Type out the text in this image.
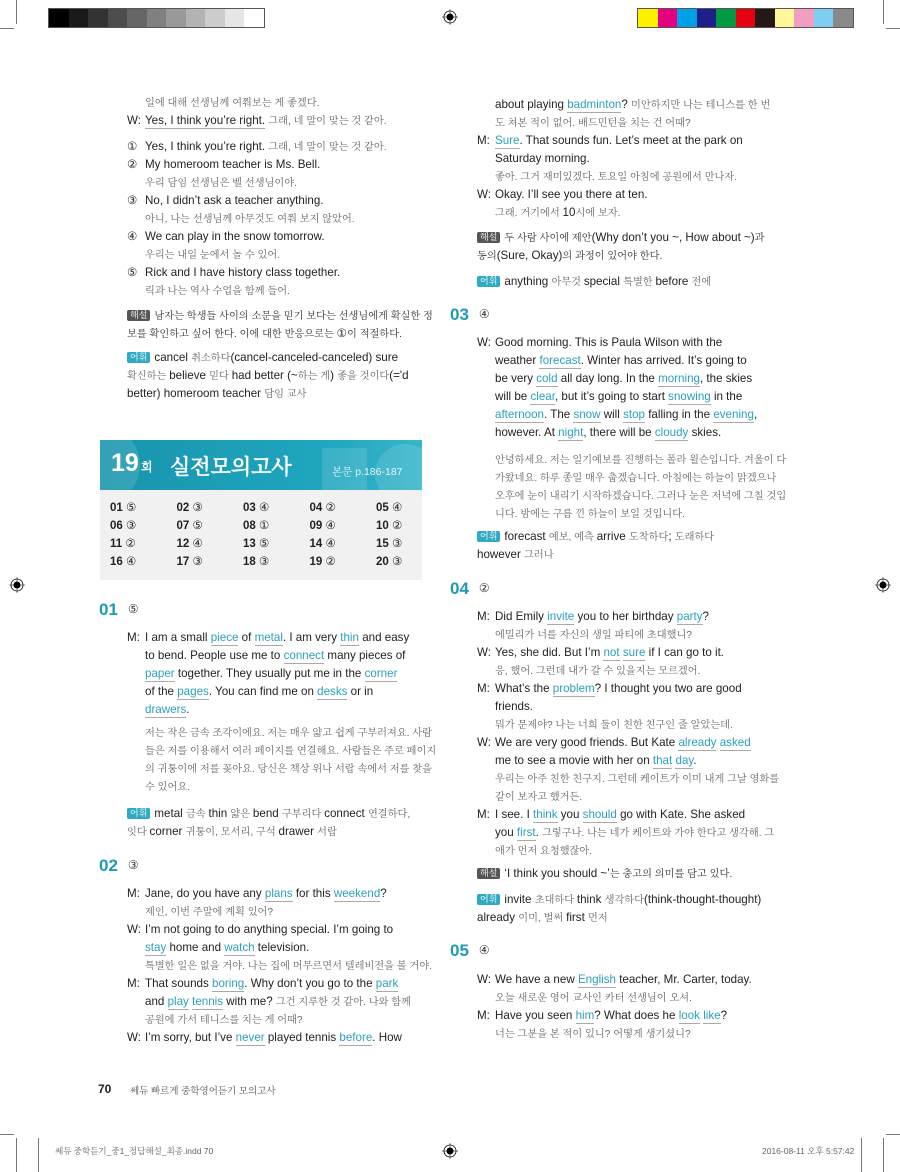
일에 대해 선생님께 여쭤보는 게 좋겠다.
W: Yes, I think you’re right. 그래, 네 말이 맞는 것 같아.
① Yes, I think you’re right. 그래, 네 말이 맞는 것 같아.
② My homeroom teacher is Ms. Bell.
우리 담임 선생님은 벨 선생님이야.
③ No, I didn’t ask a teacher anything.
아니, 나는 선생님께 아무것도 여쭤 보지 않았어.
④ We can play in the snow tomorrow.
우리는 내일 눈에서 놀 수 있어.
⑤ Rick and I have history class together.
릭과 나는 역사 수업을 함께 들어.
해설 남자는 학생들 사이의 소문을 믿기 보다는 선생님에게 확실한 정
보를 확인하고 싶어 한다. 이에 대한 반응으로는 ①이 적절하다.
어휘 cancel 취소하다(cancel-canceled-canceled) sure
확신하는 believe 믿다 had better (~하는 게) 좋을 것이다(='d
better) homeroom teacher 담임 교사
19 회 실전모의고사	본문 p.186-187
01 ⑤	02 ③	03 ④	04 ②	05 ④
06 ③	07 ⑤	08 ①	09 ④	10 ②
11 ②	12 ④	13 ⑤	14 ④	15 ③
16 ④	17 ③	18 ③	19 ②	20 ③
01 ⑤
M: I am a small piece of metal. I am very thin and easy
to bend. People use me to connect many pieces of
paper together. They usually put me in the corner
of the pages. You can find me on desks or in
drawers.
저는 작은 금속 조각이에요. 저는 매우 얇고 쉽게 구부러져요. 사람
들은 저를 이용해서 여러 페이지를 연결해요. 사람들은 주로 페이지
의 귀퉁이에 저를 꽂아요. 당신은 책상 위나 서랍 속에서 저를 찾을
수 있어요.
어휘 metal 금속 thin 얇은 bend 구부리다 connect 연결하다,
잇다 corner 귀퉁이, 모서리, 구석 drawer 서랍
02 ③
M: Jane, do you have any plans for this weekend?
제인, 이번 주말에 계획 있어?
W: I’m not going to do anything special. I’m going to
stay home and watch television.
특별한 일은 없을 거야. 나는 집에 머무르면서 텔레비전을 볼 거야.
M: That sounds boring. Why don’t you go to the park
and play tennis with me? 그건 지루한 것 같아. 나와 함께
공원에 가서 테니스를 치는 게 어때?
W: I’m sorry, but I’ve never played tennis before. How
about playing badminton? 미안하지만 나는 테니스를 한 번
도 쳐본 적이 없어. 배드민턴을 치는 건 어때?
M: Sure. That sounds fun. Let’s meet at the park on
Saturday morning.
좋아. 그거 재미있겠다. 토요일 아침에 공원에서 만나자.
W: Okay. I’ll see you there at ten.
그래. 거기에서 10시에 보자.
해설 두 사람 사이에 제안(Why don’t you ~, How about ~)과
동의(Sure, Okay)의 과정이 있어야 한다.
어휘 anything 아무것 special 특별한 before 전에
03 ④
W: Good morning. This is Paula Wilson with the
weather forecast. Winter has arrived. It’s going to
be very cold all day long. In the morning, the skies
will be clear, but it’s going to start snowing in the
afternoon. The snow will stop falling in the evening,
however. At night, there will be cloudy skies.
안녕하세요. 저는 일기예보를 진행하는 폴라 윌슨입니다. 겨울이 다
가왔네요. 하루 종일 매우 춥겠습니다. 아침에는 하늘이 맑겠으나
오후에 눈이 내리기 시작하겠습니다. 그러나 눈은 저녁에 그칠 것입
니다. 밤에는 구름 낀 하늘이 보일 것입니다.
어휘 forecast 예보, 예측 arrive 도착하다; 도래하다
however 그러나
04 ②
M: Did Emily invite you to her birthday party?
에밀리가 너를 자신의 생일 파티에 초대했니?
W: Yes, she did. But I’m not sure if I can go to it.
응, 했어. 그런데 내가 갈 수 있을지는 모르겠어.
M: What’s the problem? I thought you two are good
friends.
뭐가 문제야? 나는 너희 둘이 친한 친구인 줄 알았는데.
W: We are very good friends. But Kate already asked
me to see a movie with her on that day.
우리는 아주 친한 친구지. 그런데 케이트가 이미 내게 그날 영화를
같이 보자고 했거든.
M: I see. I think you should go with Kate. She asked
you first. 그렇구나. 나는 네가 케이트와 가야 한다고 생각해. 그
애가 먼저 요청했잖아.
해설 ‘I think you should ~’는 충고의 의미를 담고 있다.
어휘 invite 초대하다 think 생각하다(think-thought-thought)
already 이미, 벌써 first 먼저
05 ④
W: We have a new English teacher, Mr. Carter, today.
오늘 새로운 영어 교사인 카터 선생님이 오셔.
M: Have you seen him? What does he look like?
너는 그분을 본 적이 있니? 어떻게 생기셨니?
70 쎄듀 빠르게 중학영어듣기 모의고사
쎄듀 중학듣기_중1_정답해설_최종.indd 70	2016-08-11 오후 5:57:42
